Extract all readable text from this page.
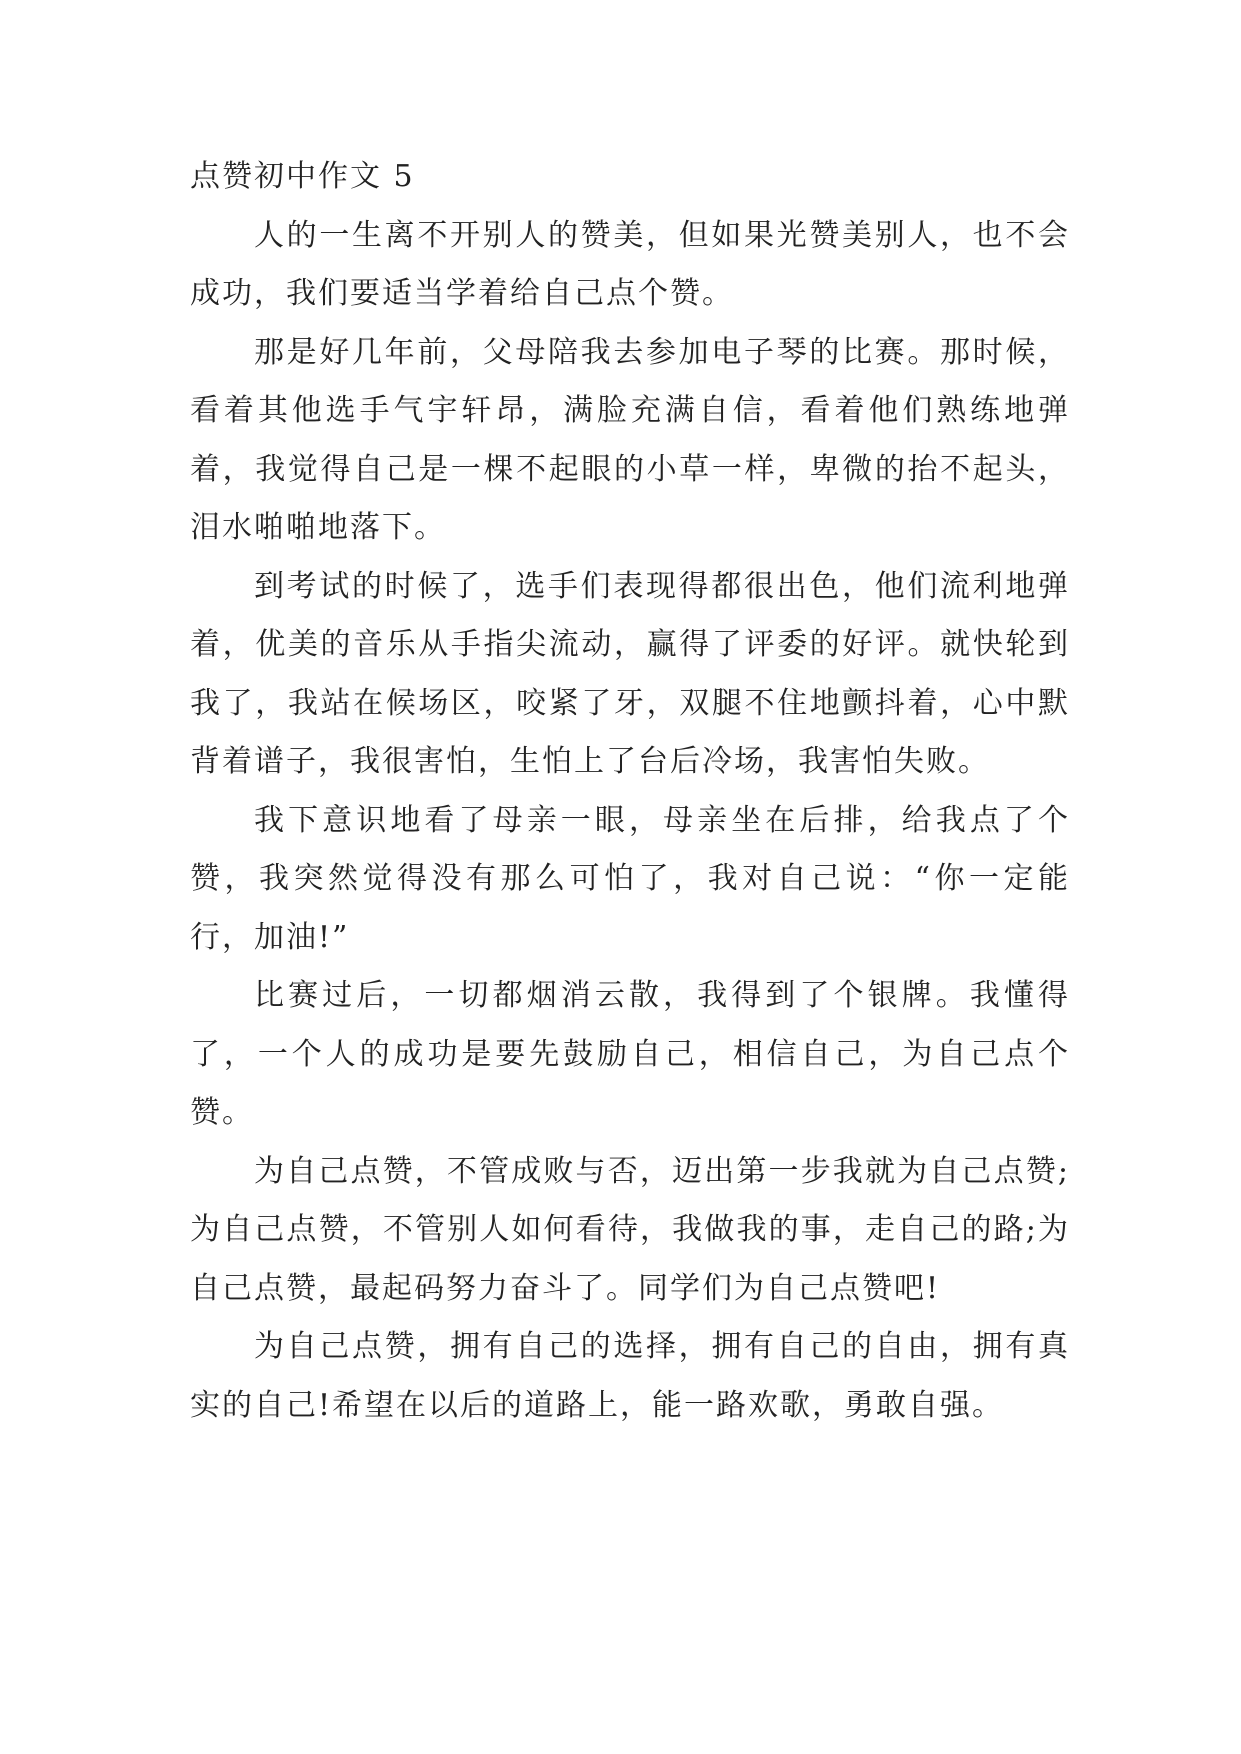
点赞初中作文 5

人的一生离不开别人的赞美，但如果光赞美别人，也不会成功，我们要适当学着给自己点个赞。

那是好几年前，父母陪我去参加电子琴的比赛。那时候，看着其他选手气宇轩昂，满脸充满自信，看着他们熟练地弹着，我觉得自己是一棵不起眼的小草一样，卑微的抬不起头，泪水啪啪地落下。

到考试的时候了，选手们表现得都很出色，他们流利地弹着，优美的音乐从手指尖流动，赢得了评委的好评。就快轮到我了，我站在候场区，咬紧了牙，双腿不住地颤抖着，心中默背着谱子，我很害怕，生怕上了台后冷场，我害怕失败。

我下意识地看了母亲一眼，母亲坐在后排，给我点了个赞，我突然觉得没有那么可怕了，我对自己说：“你一定能行，加油!”

比赛过后，一切都烟消云散，我得到了个银牌。我懂得了，一个人的成功是要先鼓励自己，相信自己，为自己点个赞。

为自己点赞，不管成败与否，迈出第一步我就为自己点赞;为自己点赞，不管别人如何看待，我做我的事，走自己的路;为自己点赞，最起码努力奋斗了。同学们为自己点赞吧!

为自己点赞，拥有自己的选择，拥有自己的自由，拥有真实的自己!希望在以后的道路上，能一路欢歌，勇敢自强。
